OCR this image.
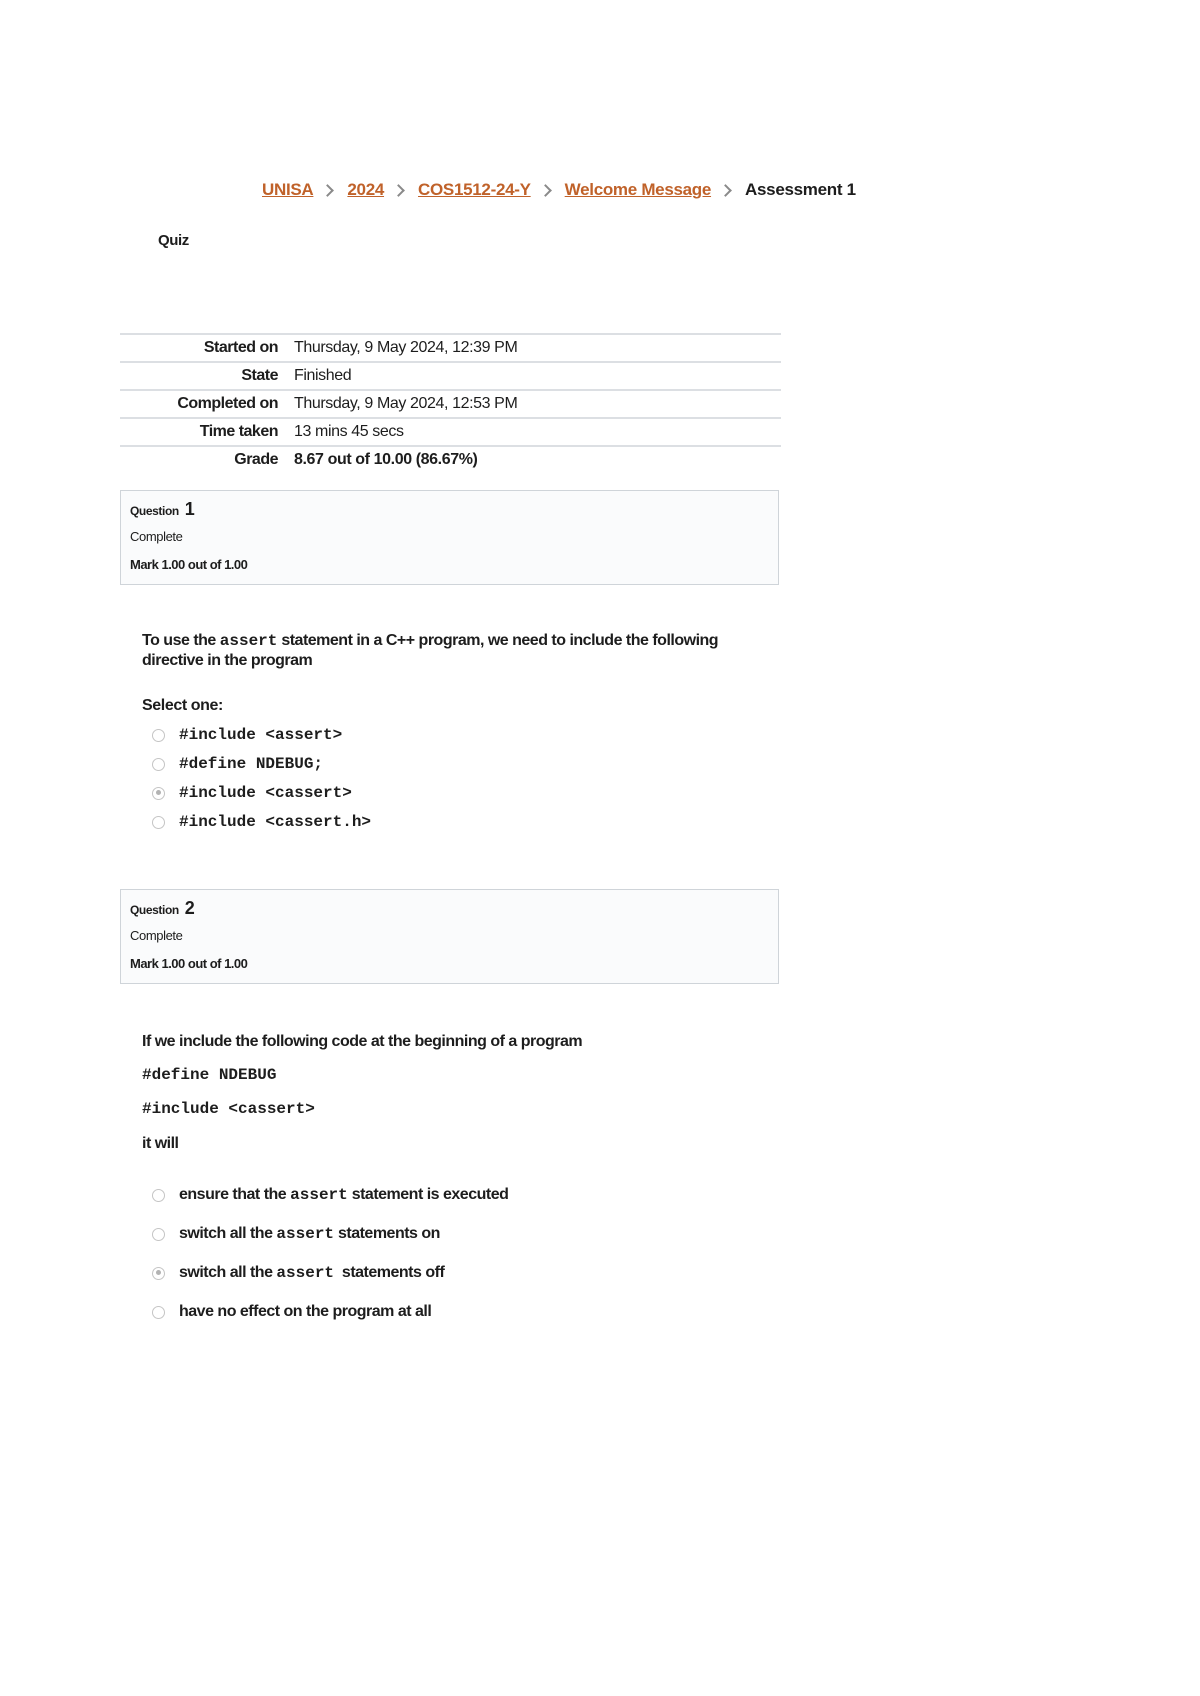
UNISA 2024 COS1512-24-Y Welcome Message Assessment 1
Quiz
Started on	Thursday, 9 May 2024, 12:39 PM
State	Finished
Completed on	Thursday, 9 May 2024, 12:53 PM
Time taken	13 mins 45 secs
Grade	8.67 out of 10.00 (86.67%)
Question 1
Complete
Mark 1.00 out of 1.00
To use the assert statement in a C++ program, we need to include the following directive in the program
Select one:
#include <assert>
#define NDEBUG;
#include <cassert>
#include <cassert.h>
Question 2
Complete
Mark 1.00 out of 1.00
If we include the following code at the beginning of a program
#define NDEBUG
#include <cassert>
it will
ensure that the assert statement is executed
switch all the assert statements on
switch all the assert  statements off
have no effect on the program at all
